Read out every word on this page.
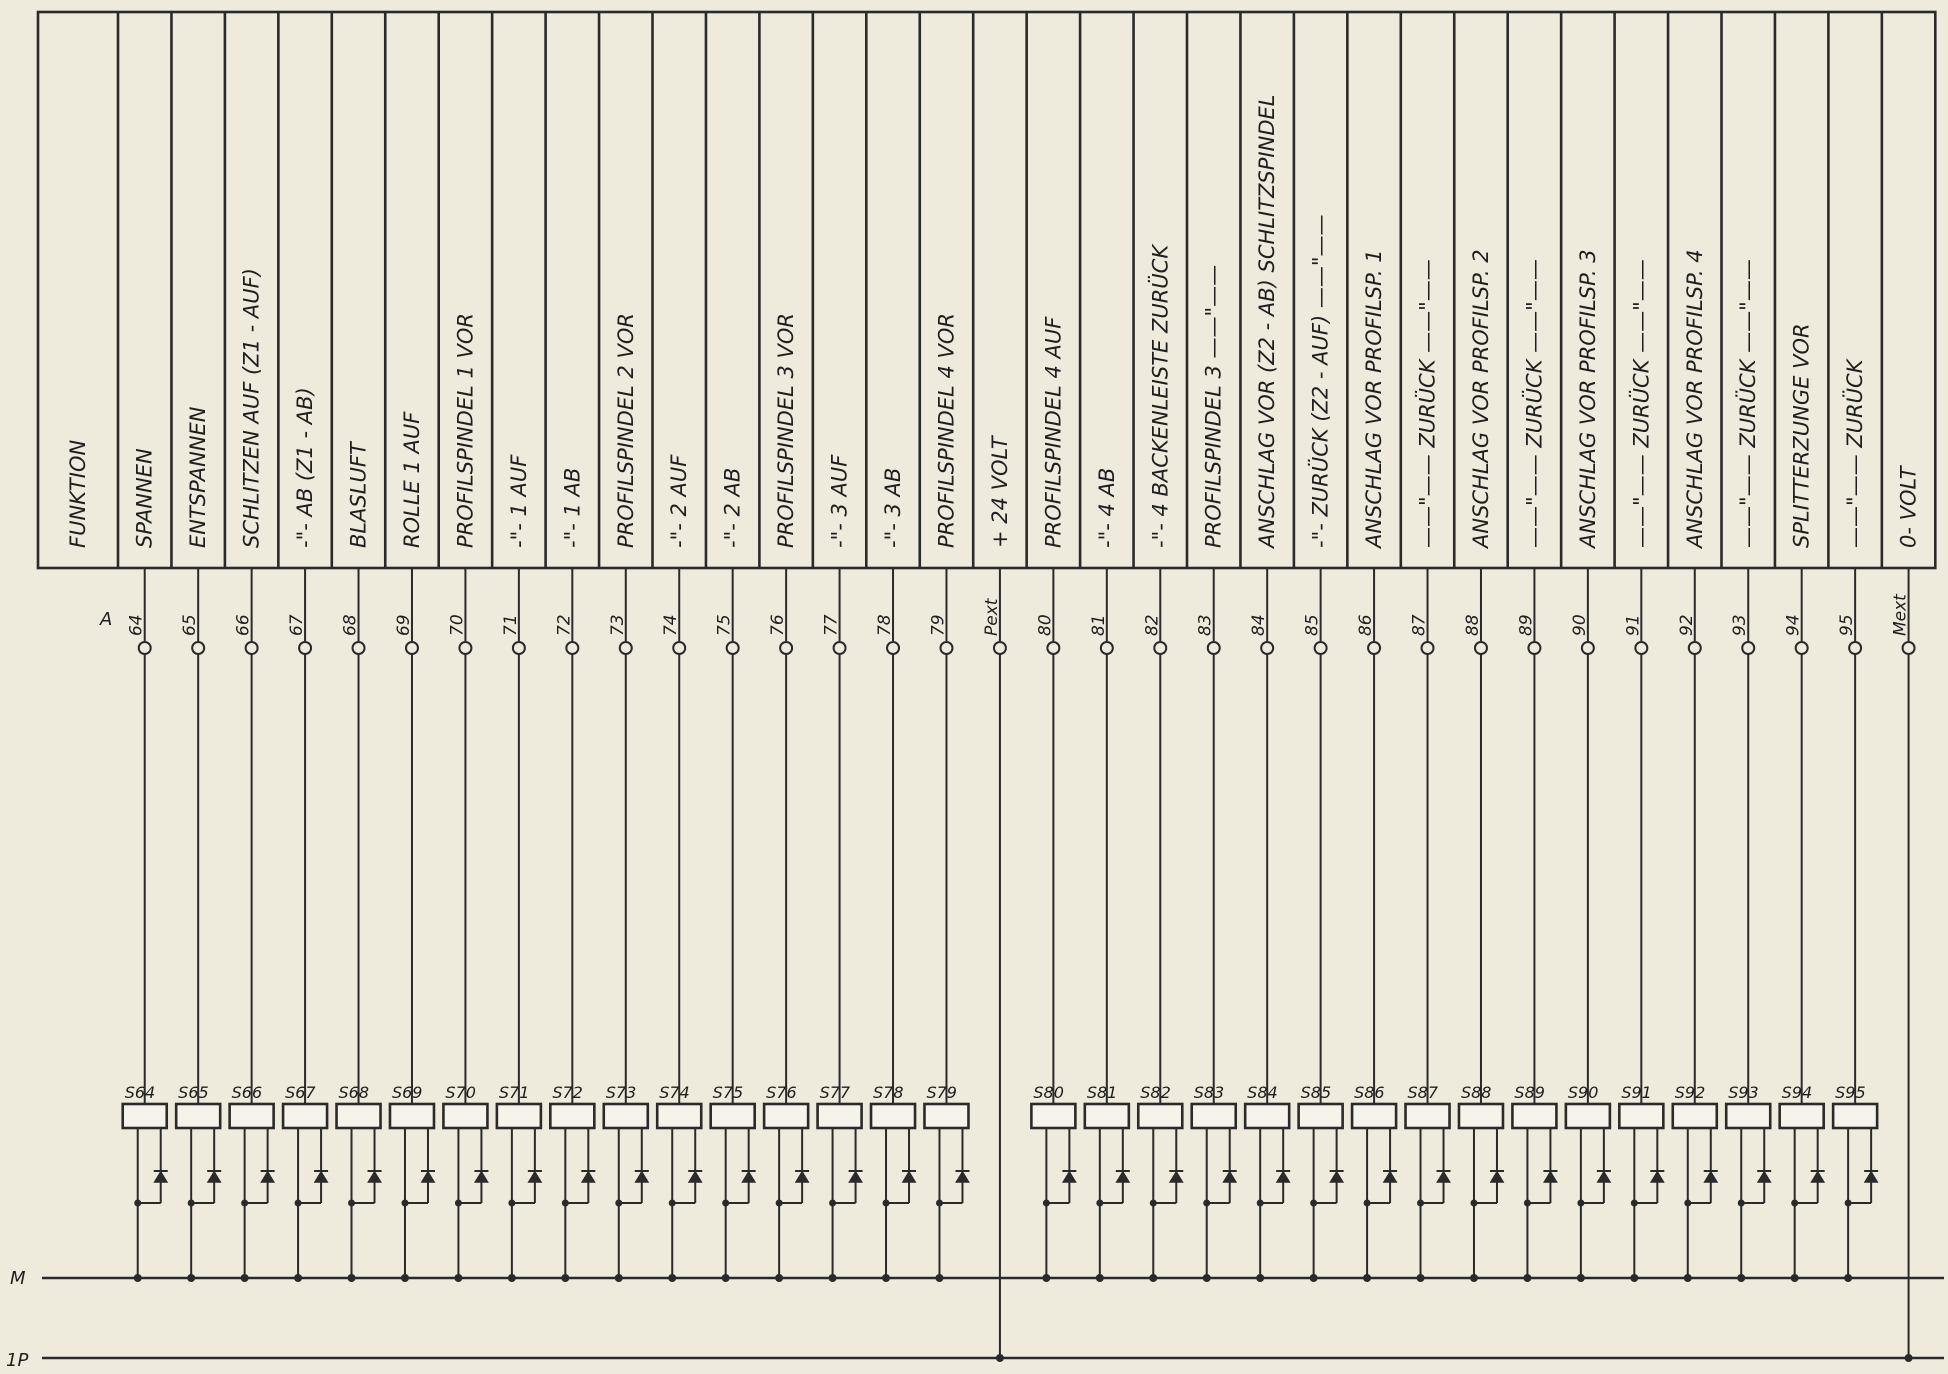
FUNKTION
A
SPANNEN
64
S64
ENTSPANNEN
65
S65
SCHLITZEN AUF (Z1 - AUF)
66
S66
-"- AB (Z1 - AB)
67
S67
BLASLUFT
68
S68
ROLLE 1 AUF
69
S69
PROFILSPINDEL 1 VOR
70
S70
-"- 1 AUF
71
S71
-"- 1 AB
72
S72
PROFILSPINDEL 2 VOR
73
S73
-"- 2 AUF
74
S74
-"- 2 AB
75
S75
PROFILSPINDEL 3 VOR
76
S76
-"- 3 AUF
77
S77
-"- 3 AB
78
S78
PROFILSPINDEL 4 VOR
79
S79
+ 24 VOLT
Pext
PROFILSPINDEL 4 AUF
80
S80
-"- 4 AB
81
S81
-"- 4 BACKENLEISTE ZURÜCK
82
S82
PROFILSPINDEL 3 ——"——
83
S83
ANSCHLAG VOR (Z2 - AB) SCHLITZSPINDEL
84
S84
-"- ZURÜCK (Z2 - AUF) ——"——
85
S85
ANSCHLAG VOR PROFILSP. 1
86
S86
——"—— ZURÜCK ——"——
87
S87
ANSCHLAG VOR PROFILSP. 2
88
S88
——"—— ZURÜCK ——"——
89
S89
ANSCHLAG VOR PROFILSP. 3
90
S90
——"—— ZURÜCK ——"——
91
S91
ANSCHLAG VOR PROFILSP. 4
92
S92
——"—— ZURÜCK ——"——
93
S93
SPLITTERZUNGE VOR
94
S94
——"—— ZURÜCK
95
S95
0- VOLT
Mext
M
1P
